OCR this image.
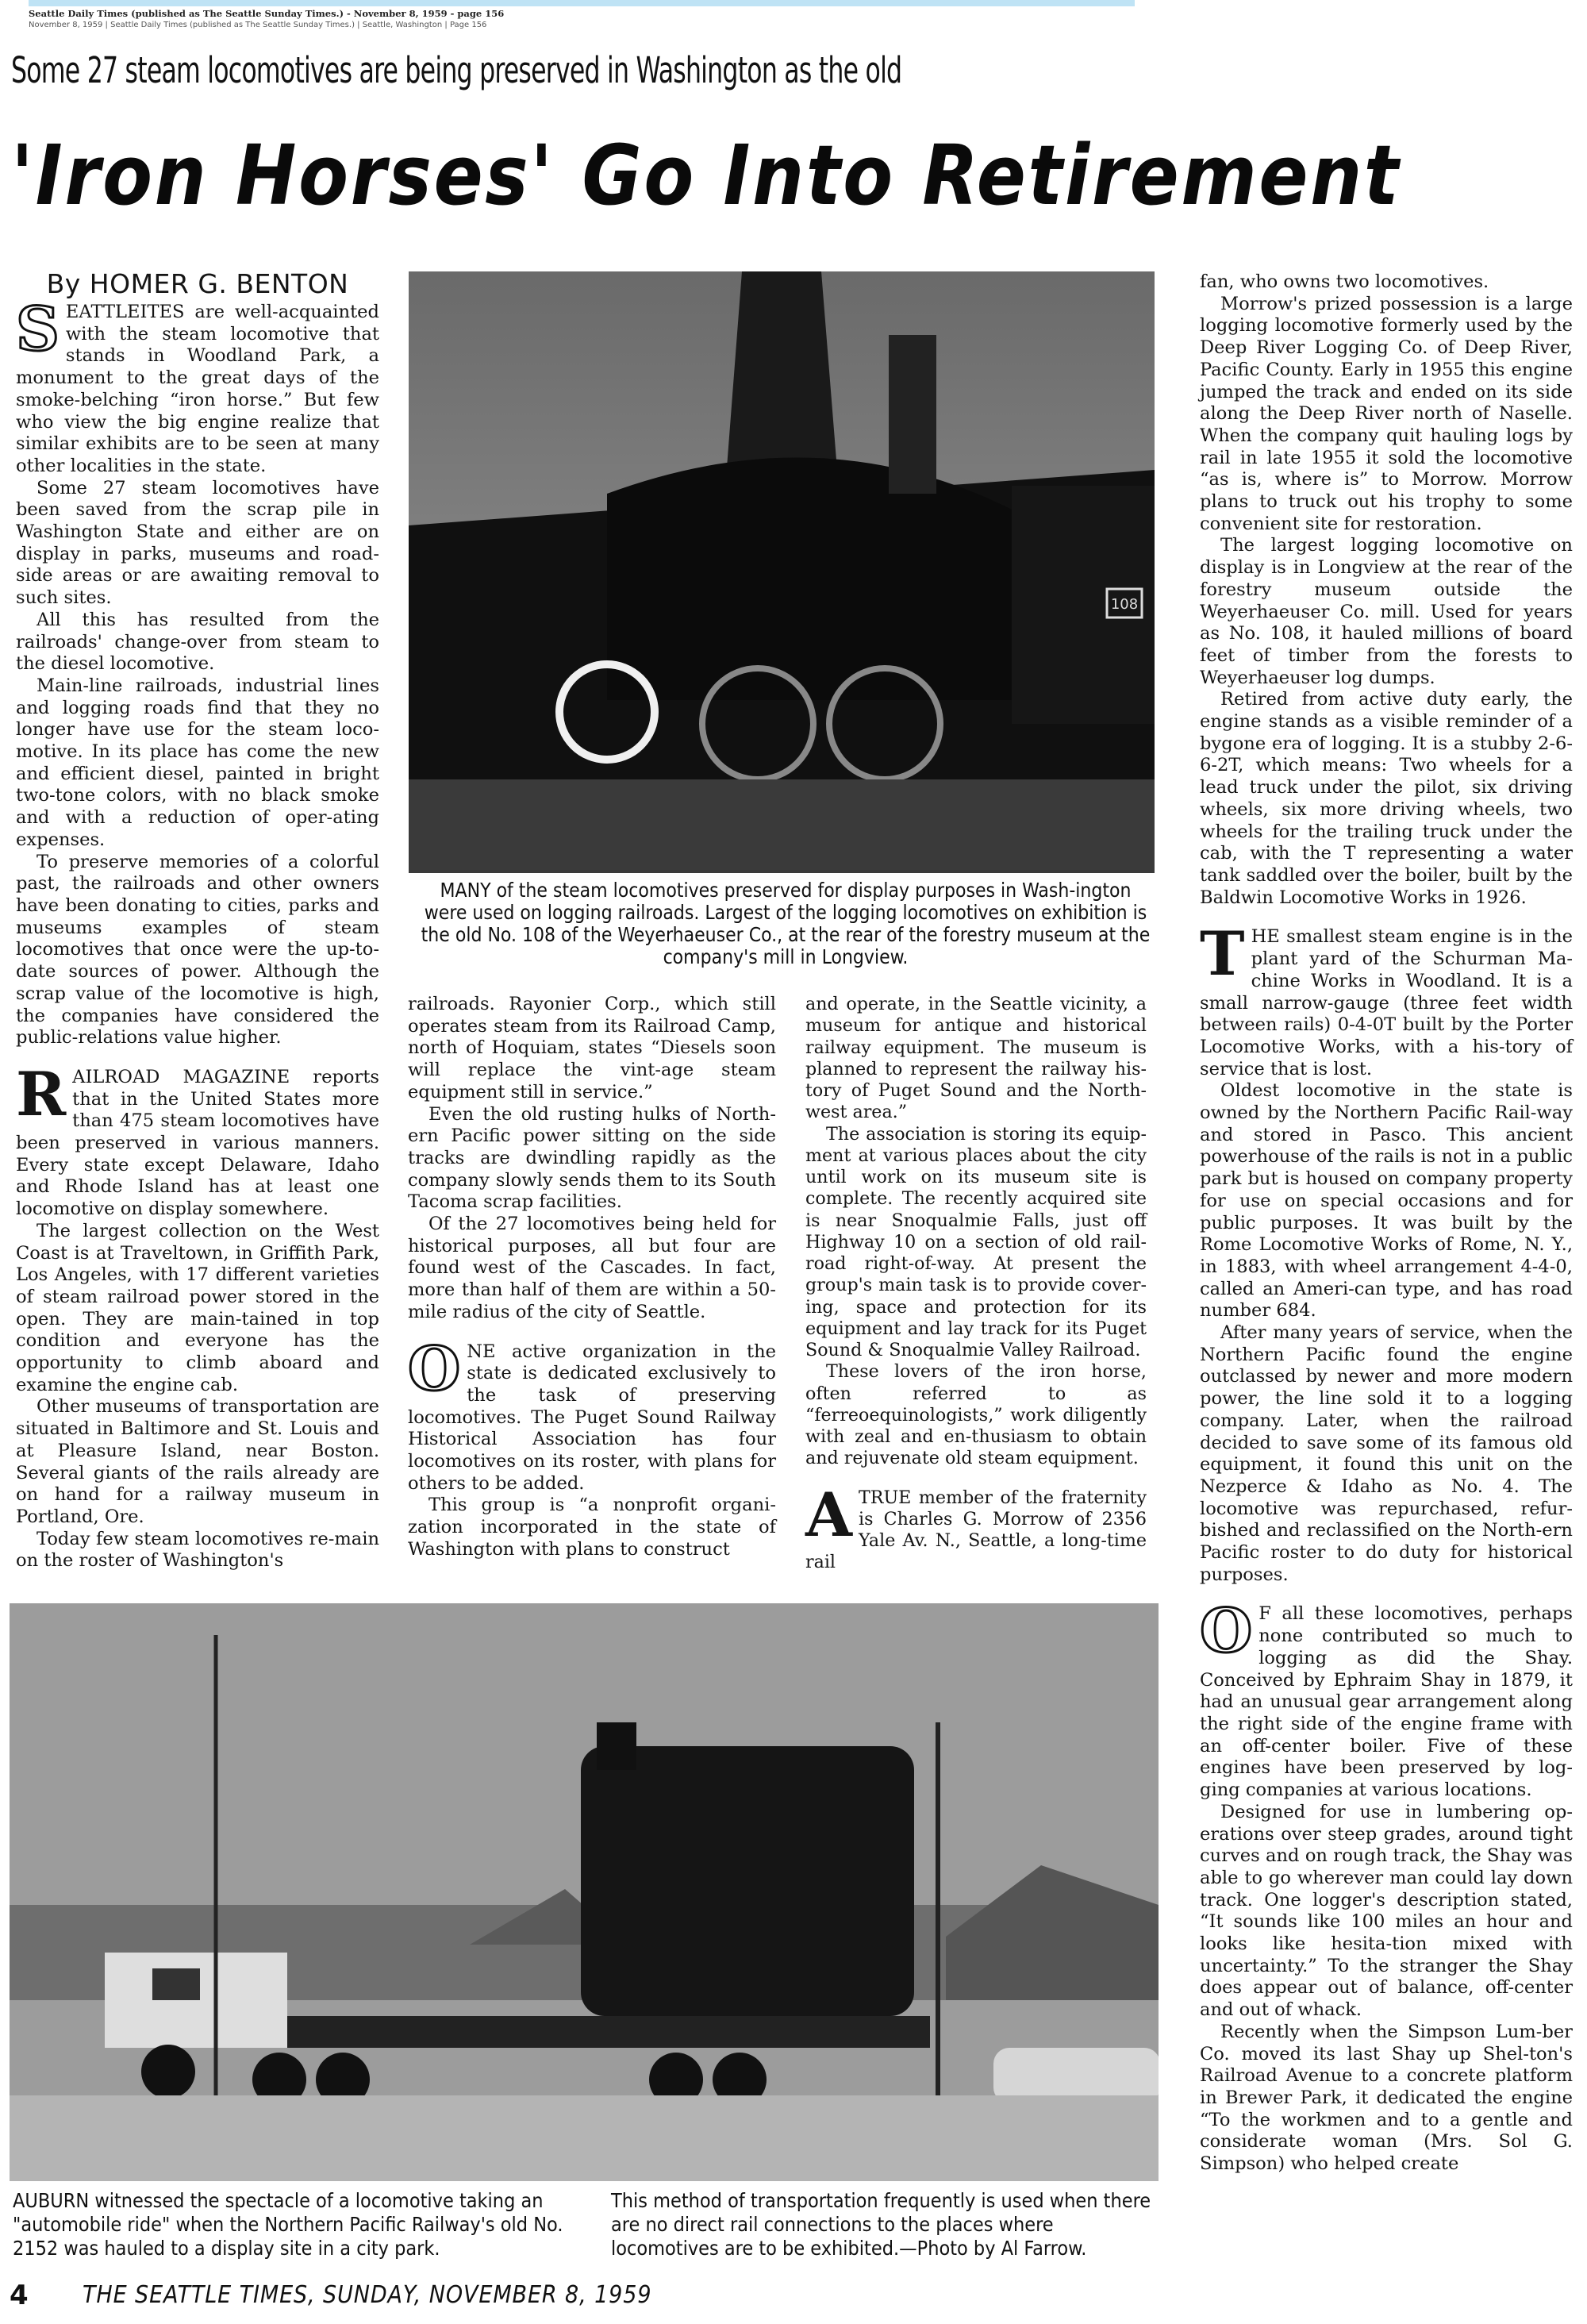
Seattle Daily Times (published as The Seattle Sunday Times.) - November 8, 1959 - page 156
November 8, 1959 | Seattle Daily Times (published as The Seattle Sunday Times.) | Seattle, Washington | Page 156
Some 27 steam locomotives are being preserved in Washington as the old
'Iron Horses' Go Into Retirement
By HOMER G. BENTON
S EATTLEITES are well-acquainted with the steam locomotive that stands in Woodland Park, a monument to the great days of the smoke-belching “iron horse.” But few who view the big engine realize that similar exhibits are to be seen at many other localities in the state.

Some 27 steam locomotives have been saved from the scrap pile in Washington State and either are on display in parks, museums and road-side areas or are awaiting removal to such sites.

All this has resulted from the railroads' change-over from steam to the diesel locomotive.

Main-line railroads, industrial lines and logging roads find that they no longer have use for the steam loco-motive. In its place has come the new and efficient diesel, painted in bright two-tone colors, with no black smoke and with a reduction of oper-ating expenses.

To preserve memories of a colorful past, the railroads and other owners have been donating to cities, parks and museums examples of steam locomotives that once were the up-to-date sources of power. Although the scrap value of the locomotive is high, the companies have considered the public-relations value higher.

R AILROAD MAGAZINE reports that in the United States more than 475 steam locomotives have been preserved in various manners. Every state except Delaware, Idaho and Rhode Island has at least one locomotive on display somewhere.

The largest collection on the West Coast is at Traveltown, in Griffith Park, Los Angeles, with 17 different varieties of steam railroad power stored in the open. They are main-tained in top condition and everyone has the opportunity to climb aboard and examine the engine cab.

Other museums of transportation are situated in Baltimore and St. Louis and at Pleasure Island, near Boston. Several giants of the rails already are on hand for a railway museum in Portland, Ore.

Today few steam locomotives re-main on the roster of Washington's

108
MANY of the steam locomotives preserved for display purposes in Wash-ington were used on logging railroads. Largest of the logging locomotives on exhibition is the old No. 108 of the Weyerhaeuser Co., at the rear of the forestry museum at the company's mill in Longview.

railroads. Rayonier Corp., which still operates steam from its Railroad Camp, north of Hoquiam, states “Diesels soon will replace the vint-age steam equipment still in service.”

Even the old rusting hulks of North-ern Pacific power sitting on the side tracks are dwindling rapidly as the company slowly sends them to its South Tacoma scrap facilities.

Of the 27 locomotives being held for historical purposes, all but four are found west of the Cascades. In fact, more than half of them are within a 50-mile radius of the city of Seattle.

O NE active organization in the state is dedicated exclusively to the task of preserving locomotives. The Puget Sound Railway Historical Association has four locomotives on its roster, with plans for others to be added.

This group is “a nonprofit organi-zation incorporated in the state of Washington with plans to construct

and operate, in the Seattle vicinity, a museum for antique and historical railway equipment. The museum is planned to represent the railway his-tory of Puget Sound and the North-west area.”

The association is storing its equip-ment at various places about the city until work on its museum site is complete. The recently acquired site is near Snoqualmie Falls, just off Highway 10 on a section of old rail-road right-of-way. At present the group's main task is to provide cover-ing, space and protection for its equipment and lay track for its Puget Sound & Snoqualmie Valley Railroad.

These lovers of the iron horse, often referred to as “ferreoequinologists,” work diligently with zeal and en-thusiasm to obtain and rejuvenate old steam equipment.

A TRUE member of the fraternity is Charles G. Morrow of 2356 Yale Av. N., Seattle, a long-time rail

fan, who owns two locomotives.

Morrow's prized possession is a large logging locomotive formerly used by the Deep River Logging Co. of Deep River, Pacific County. Early in 1955 this engine jumped the track and ended on its side along the Deep River north of Naselle. When the company quit hauling logs by rail in late 1955 it sold the locomotive “as is, where is” to Morrow. Morrow plans to truck out his trophy to some convenient site for restoration.

The largest logging locomotive on display is in Longview at the rear of the forestry museum outside the Weyerhaeuser Co. mill. Used for years as No. 108, it hauled millions of board feet of timber from the forests to Weyerhaeuser log dumps.

Retired from active duty early, the engine stands as a visible reminder of a bygone era of logging. It is a stubby 2-6-6-2T, which means: Two wheels for a lead truck under the pilot, six driving wheels, six more driving wheels, two wheels for the trailing truck under the cab, with the T representing a water tank saddled over the boiler, built by the Baldwin Locomotive Works in 1926.

T HE smallest steam engine is in the plant yard of the Schurman Ma-chine Works in Woodland. It is a small narrow-gauge (three feet width between rails) 0-4-0T built by the Porter Locomotive Works, with a his-tory of service that is lost.

Oldest locomotive in the state is owned by the Northern Pacific Rail-way and stored in Pasco. This ancient powerhouse of the rails is not in a public park but is housed on company property for use on special occasions and for public purposes. It was built by the Rome Locomotive Works of Rome, N. Y., in 1883, with wheel arrangement 4-4-0, called an Ameri-can type, and has road number 684.

After many years of service, when the Northern Pacific found the engine outclassed by newer and more modern power, the line sold it to a logging company. Later, when the railroad decided to save some of its famous old equipment, it found this unit on the Nezperce & Idaho as No. 4. The locomotive was repurchased, refur-bished and reclassified on the North-ern Pacific roster to do duty for historical purposes.

O F all these locomotives, perhaps none contributed so much to logging as did the Shay. Conceived by Ephraim Shay in 1879, it had an unusual gear arrangement along the right side of the engine frame with an off-center boiler. Five of these engines have been preserved by log-ging companies at various locations.

Designed for use in lumbering op-erations over steep grades, around tight curves and on rough track, the Shay was able to go wherever man could lay down track. One logger's description stated, “It sounds like 100 miles an hour and looks like hesita-tion mixed with uncertainty.” To the stranger the Shay does appear out of balance, off-center and out of whack.

Recently when the Simpson Lum-ber Co. moved its last Shay up Shel-ton's Railroad Avenue to a concrete platform in Brewer Park, it dedicated the engine “To the workmen and to a gentle and considerate woman (Mrs. Sol G. Simpson) who helped create

AUBURN witnessed the spectacle of a locomotive taking an "automobile ride" when the Northern Pacific Railway's old No. 2152 was hauled to a display site in a city park.
This method of transportation frequently is used when there are no direct rail connections to the places where locomotives are to be exhibited.—Photo by Al Farrow.
4 THE SEATTLE TIMES, SUNDAY, NOVEMBER 8, 1959
